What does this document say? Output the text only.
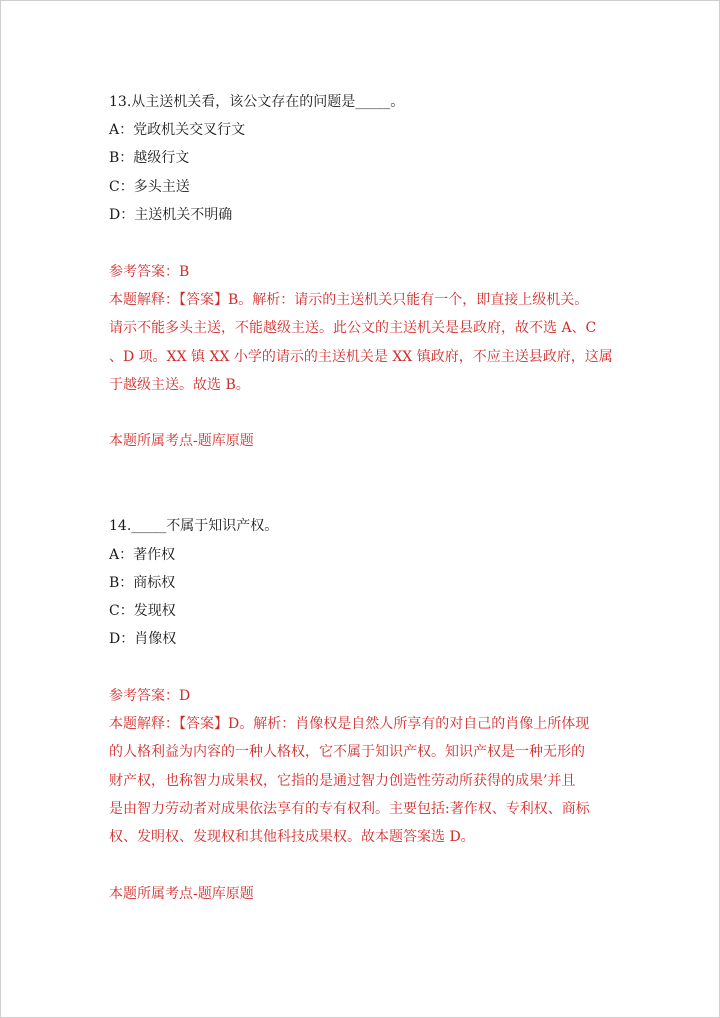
13.从主送机关看，该公文存在的问题是_____。
A：党政机关交叉行文
B：越级行文
C：多头主送
D：主送机关不明确
参考答案：B
本题解释：【答案】B。解析：请示的主送机关只能有一个，即直接上级机关。
请示不能多头主送，不能越级主送。此公文的主送机关是县政府，故不选 A、C
、D 项。XX 镇 XX 小学的请示的主送机关是 XX 镇政府，不应主送县政府，这属
于越级主送。故选 B。
本题所属考点-题库原题
14._____不属于知识产权。
A：著作权
B：商标权
C：发现权
D：肖像权
参考答案：D
本题解释：【答案】D。解析：肖像权是自然人所享有的对自己的肖像上所体现
的人格利益为内容的一种人格权，它不属于知识产权。知识产权是一种无形的
财产权，也称智力成果权，它指的是通过智力创造性劳动所获得的成果’并且
是由智力劳动者对成果依法享有的专有权利。主要包括:著作权、专利权、商标
权、发明权、发现权和其他科技成果权。故本题答案选 D。
本题所属考点-题库原题
